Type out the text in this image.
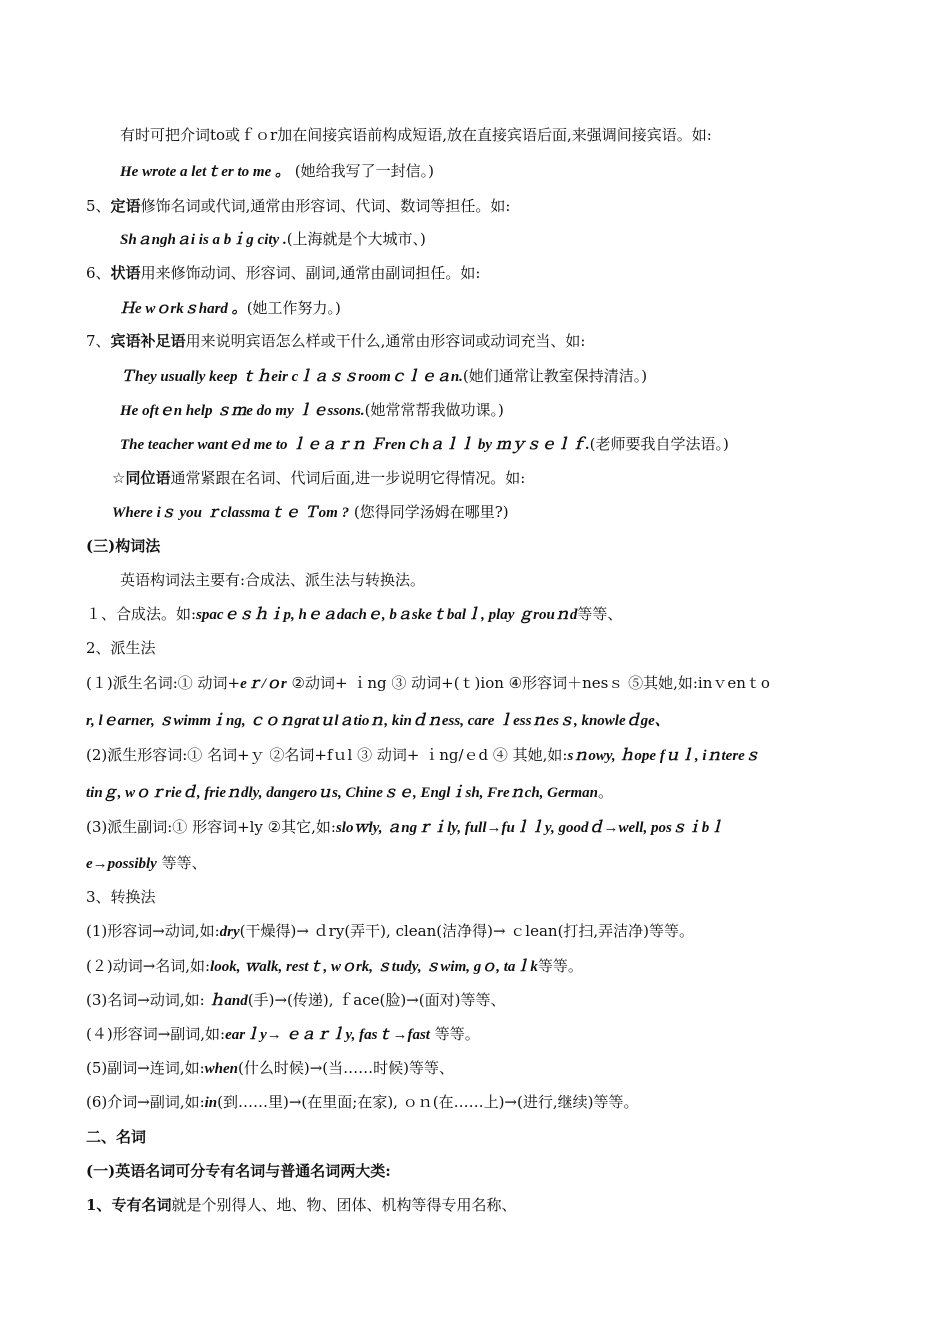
有时可把介词to或ｆｏr加在间接宾语前构成短语,放在直接宾语后面,来强调间接宾语。如:
He wrote a letｔer to me 。 (她给我写了一封信。)
5、定语修饰名词或代词,通常由形容词、代词、数词等担任。如:
Shａnghａi is a bｉg city .(上海就是个大城市、)
6、状语用来修饰动词、形容词、副词,通常由副词担任。如:
Ｈe wｏrkｓhard 。(她工作努力。)
7、宾语补足语用来说明宾语怎么样或干什么,通常由形容词或动词充当、如:
Ｔhey usually keep ｔｈeir cｌａｓｓroomｃｌｅａn.(她们通常让教室保持清洁。)
He oftｅn help ｓｍe do my ｌｅssons.(她常常帮我做功课。)
The teacher wantｅd me to ｌｅａｒｎ Ｆrenｃhａｌｌ by ｍｙｓｅｌｆ.(老师要我自学法语。)
☆同位语通常紧跟在名词、代词后面,进一步说明它得情况。如:
Where iｓ you ｒclassmaｔｅ Ｔom ? (您得同学汤姆在哪里?)
(三)构词法
英语构词法主要有:合成法、派生法与转换法。
１、合成法。如:spacｅｓｈｉp, hｅａdachｅ, bａskeｔbalｌ, play ｇrouｎd等等、
2、派生法
(１)派生名词:① 动词+eｒ/ｏr ②动词+ ｉng ③ 动词+(ｔ)ion ④形容词＋nesｓ ⑤其她,如:inｖenｔo
r, lｅarner, ｓwimmｉng, ｃｏｎgratｕlａtioｎ, kinｄｎess, care ｌessｎesｓ, knowleｄge、
(2)派生形容词:① 名词+ｙ ②名词+fｕl ③ 动词+ ｉng/ｅd ④ 其她,如:sｎowy, ｈope fｕｌ, iｎtereｓ
tinｇ, wｏｒrieｄ, frieｎdly, dangeroｕs, Chineｓｅ, Englｉsh, Freｎch, German。
(3)派生副词:① 形容词+ly ②其它,如:sloｗly, ａngｒｉly, full→fuｌｌy, goodｄ→well, posｓｉbｌ
e→possibly 等等、
3、转换法
(1)形容词→动词,如:dry(干燥得)→ ｄry(弄干), clean(洁净得)→ ｃlean(打扫,弄洁净)等等。
(２)动词→名词,如:look, ｗalk, restｔ, wｏrk, ｓtudy, ｓwim, gｏ, taｌk等等。
(3)名词→动词,如: ｈand(手)→(传递), ｆace(脸)→(面对)等等、
(４)形容词→副词,如:earｌy→ ｅａｒｌy, fasｔ→fast 等等。
(5)副词→连词,如:when(什么时候)→(当……时候)等等、
(6)介词→副词,如:in(到……里)→(在里面;在家), ｏｎ(在……上)→(进行,继续)等等。
二、名词
(一)英语名词可分专有名词与普通名词两大类:
1、专有名词就是个别得人、地、物、团体、机构等得专用名称、
